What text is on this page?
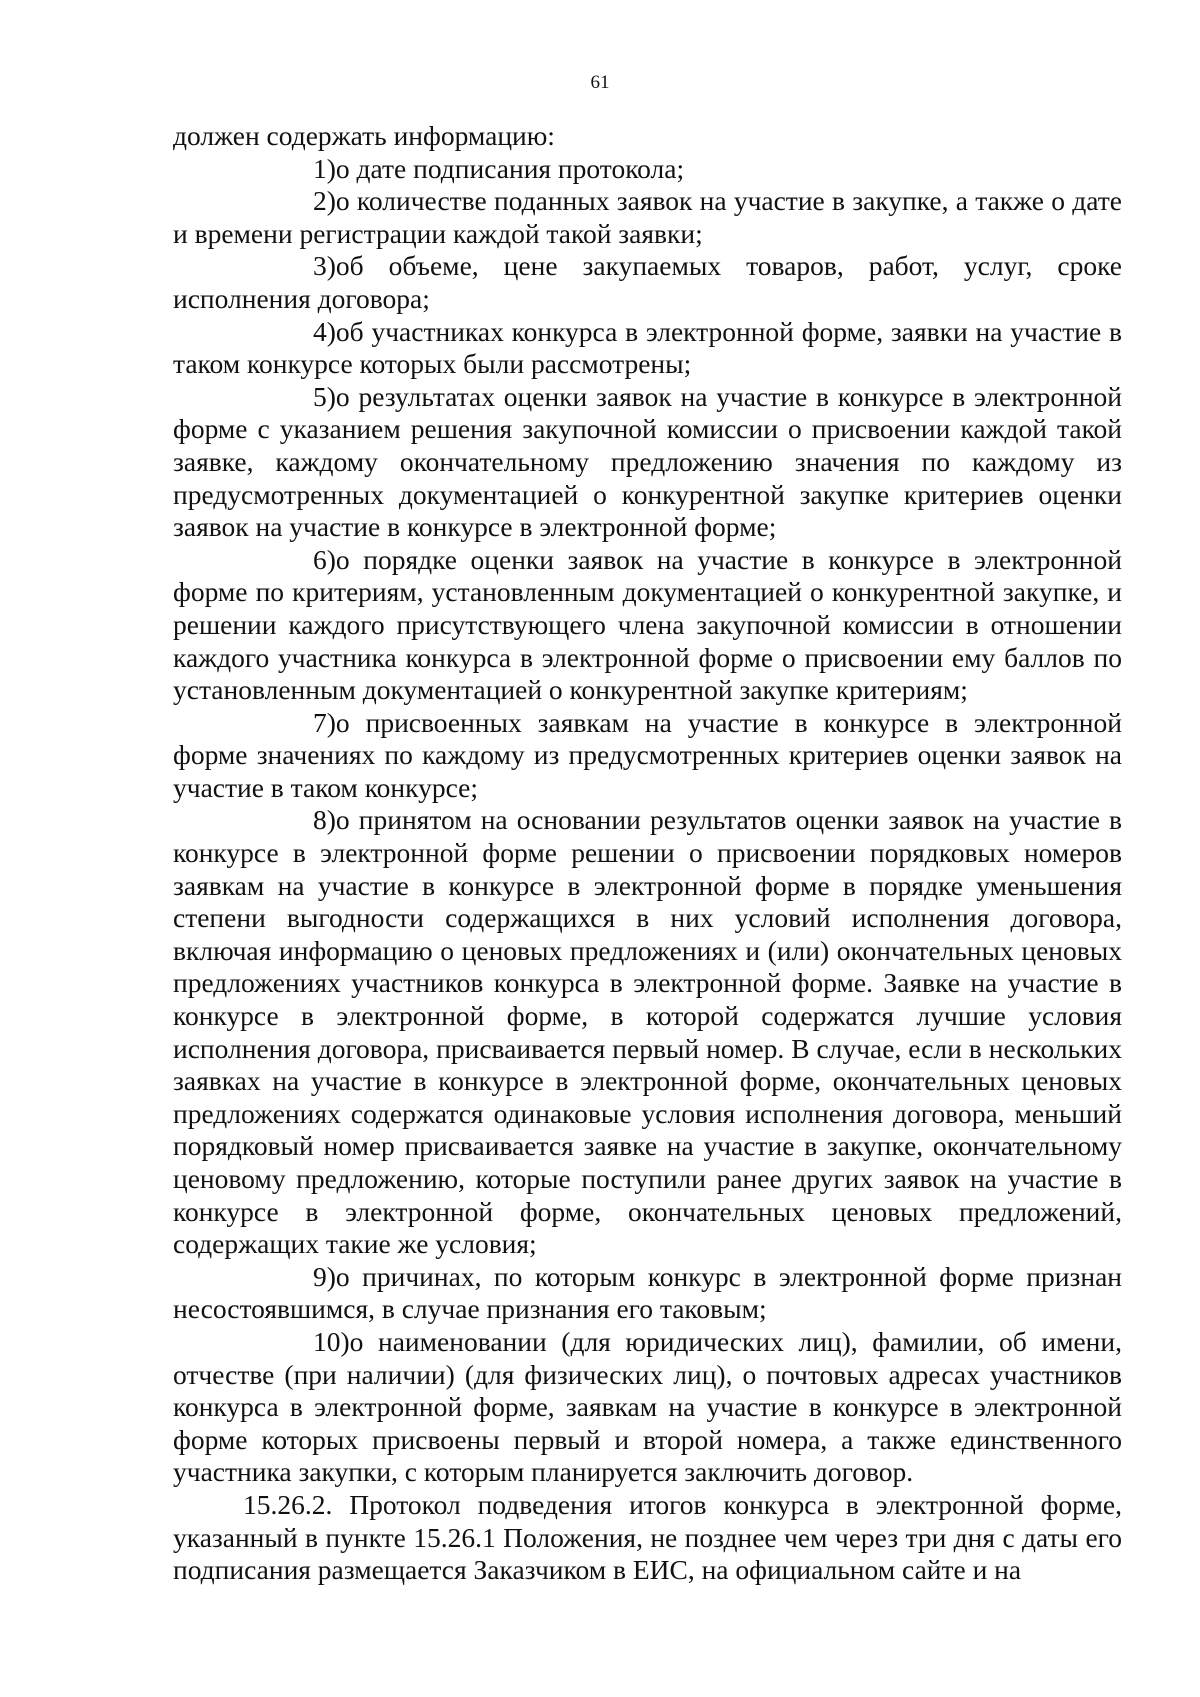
61

должен содержать информацию:

1)о дате подписания протокола;

2)о количестве поданных заявок на участие в закупке, а также о дате и времени регистрации каждой такой заявки;

3)об объеме, цене закупаемых товаров, работ, услуг, сроке исполнения договора;

4)об участниках конкурса в электронной форме, заявки на участие в таком конкурсе которых были рассмотрены;

5)о результатах оценки заявок на участие в конкурсе в электронной форме с указанием решения закупочной комиссии о присвоении каждой такой заявке, каждому окончательному предложению значения по каждому из предусмотренных документацией о конкурентной закупке критериев оценки заявок на участие в конкурсе в электронной форме;

6)о порядке оценки заявок на участие в конкурсе в электронной форме по критериям, установленным документацией о конкурентной закупке, и решении каждого присутствующего члена закупочной комиссии в отношении каждого участника конкурса в электронной форме о присвоении ему баллов по установленным документацией о конкурентной закупке критериям;

7)о присвоенных заявкам на участие в конкурсе в электронной форме значениях по каждому из предусмотренных критериев оценки заявок на участие в таком конкурсе;

8)о принятом на основании результатов оценки заявок на участие в конкурсе в электронной форме решении о присвоении порядковых номеров заявкам на участие в конкурсе в электронной форме в порядке уменьшения степени выгодности содержащихся в них условий исполнения договора, включая информацию о ценовых предложениях и (или) окончательных ценовых предложениях участников конкурса в электронной форме. Заявке на участие в конкурсе в электронной форме, в которой содержатся лучшие условия исполнения договора, присваивается первый номер. В случае, если в нескольких заявках на участие в конкурсе в электронной форме, окончательных ценовых предложениях содержатся одинаковые условия исполнения договора, меньший порядковый номер присваивается заявке на участие в закупке, окончательному ценовому предложению, которые поступили ранее других заявок на участие в конкурсе в электронной форме, окончательных ценовых предложений, содержащих такие же условия;

9)о причинах, по которым конкурс в электронной форме признан несостоявшимся, в случае признания его таковым;

10)о наименовании (для юридических лиц), фамилии, об имени, отчестве (при наличии) (для физических лиц), о почтовых адресах участников конкурса в электронной форме, заявкам на участие в конкурсе в электронной форме которых присвоены первый и второй номера, а также единственного участника закупки, с которым планируется заключить договор.

15.26.2. Протокол подведения итогов конкурса в электронной форме, указанный в пункте 15.26.1 Положения, не позднее чем через три дня с даты его подписания размещается Заказчиком в ЕИС, на официальном сайте и на
